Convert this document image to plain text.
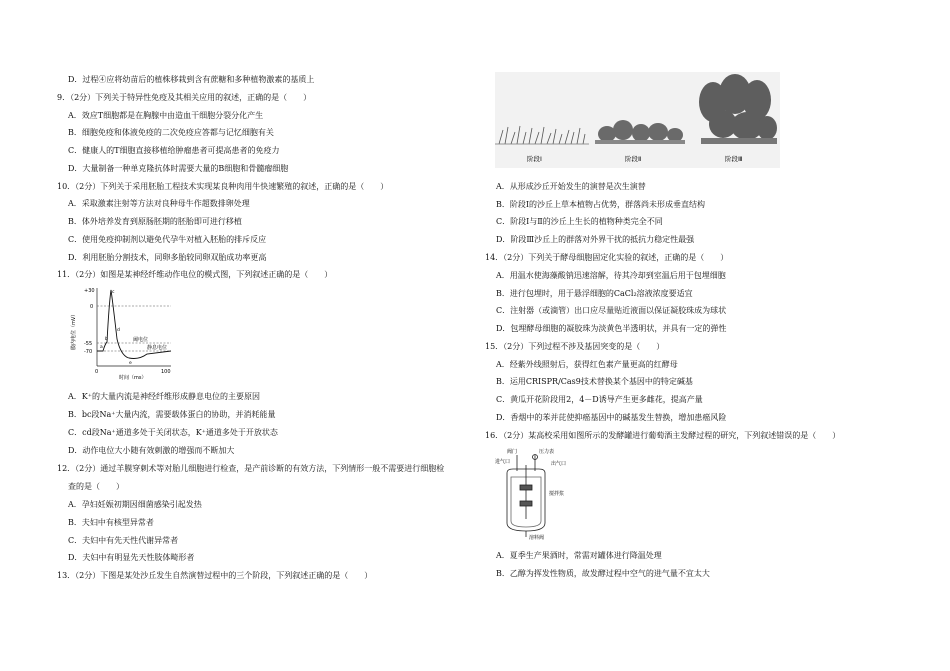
D．过程④应将幼苗后的植株移栽到含有蔗糖和多种植物激素的基质上
9．（2分）下列关于特异性免疫及其相关应用的叙述，正确的是（　　）
A．效应T细胞都是在胸腺中由造血干细胞分裂分化产生
B．细胞免疫和体液免疫的二次免疫应答都与记忆细胞有关
C．健康人的T细胞直接移植给肿瘤患者可提高患者的免疫力
D．大量制备一种单克隆抗体时需要大量的B细胞和骨髓瘤细胞
10．（2分）下列关于采用胚胎工程技术实现某良种肉用牛快速繁殖的叙述，正确的是（　　）
A．采取激素注射等方法对良种母牛作超数排卵处理
B．体外培养发育到原肠胚期的胚胎即可进行移植
C．使用免疫抑制剂以避免代孕牛对植入胚胎的排斥反应
D．利用胚胎分割技术，同卵多胎较同卵双胎成功率更高
11．（2分）如图是某神经纤维动作电位的模式图，下列叙述正确的是（　　）
膜内电位（mV）
+30
0
-55
-70
a
b
c
d
e
阈电位
静息电位
0	100
时间（ms）
A．K⁺的大量内流是神经纤维形成静息电位的主要原因
B．bc段Na⁺大量内流，需要载体蛋白的协助，并消耗能量
C．cd段Na⁺通道多处于关闭状态，K⁺通道多处于开放状态
D．动作电位大小随有效刺激的增强而不断加大
12．（2分）通过羊膜穿刺术等对胎儿细胞进行检查，是产前诊断的有效方法，下列情形一般不需要进行细胞检
查的是（　　）
A．孕妇妊娠初期因细菌感染引起发热
B．夫妇中有核型异常者
C．夫妇中有先天性代谢异常者
D．夫妇中有明显先天性肢体畸形者
13．（2分）下图是某处沙丘发生自然演替过程中的三个阶段，下列叙述正确的是（　　）
阶段Ⅰ	阶段Ⅱ	阶段Ⅲ
A．从形成沙丘开始发生的演替是次生演替
B．阶段Ⅰ的沙丘上草本植物占优势，群落尚未形成垂直结构
C．阶段Ⅰ与Ⅱ的沙丘上生长的植物种类完全不同
D．阶段Ⅲ沙丘上的群落对外界干扰的抵抗力稳定性最强
14．（2分）下列关于酵母细胞固定化实验的叙述，正确的是（　　）
A．用温水使海藻酸钠迅速溶解，待其冷却到室温后用于包埋细胞
B．进行包埋时，用于悬浮细胞的CaCl₂溶液浓度要适宜
C．注射器（或滴管）出口应尽量贴近液面以保证凝胶珠成为球状
D．包埋酵母细胞的凝胶珠为淡黄色半透明状，并具有一定的弹性
15．（2分）下列过程不涉及基因突变的是（　　）
A．经紫外线照射后，获得红色素产量更高的红酵母
B．运用CRISPR/Cas9技术替换某个基因中的特定碱基
C．黄瓜开花阶段用2，4－D诱导产生更多雌花，提高产量
D．香烟中的苯并芘使抑癌基因中的碱基发生替换，增加患癌风险
16．（2分）某高校采用如图所示的发酵罐进行葡萄酒主发酵过程的研究，下列叙述错误的是（　　）
阀门	压力表
进气口	出气口
搅拌浆
溶料阀
A．夏季生产果酒时，常需对罐体进行降温处理
B．乙醇为挥发性物质，故发酵过程中空气的进气量不宜太大
